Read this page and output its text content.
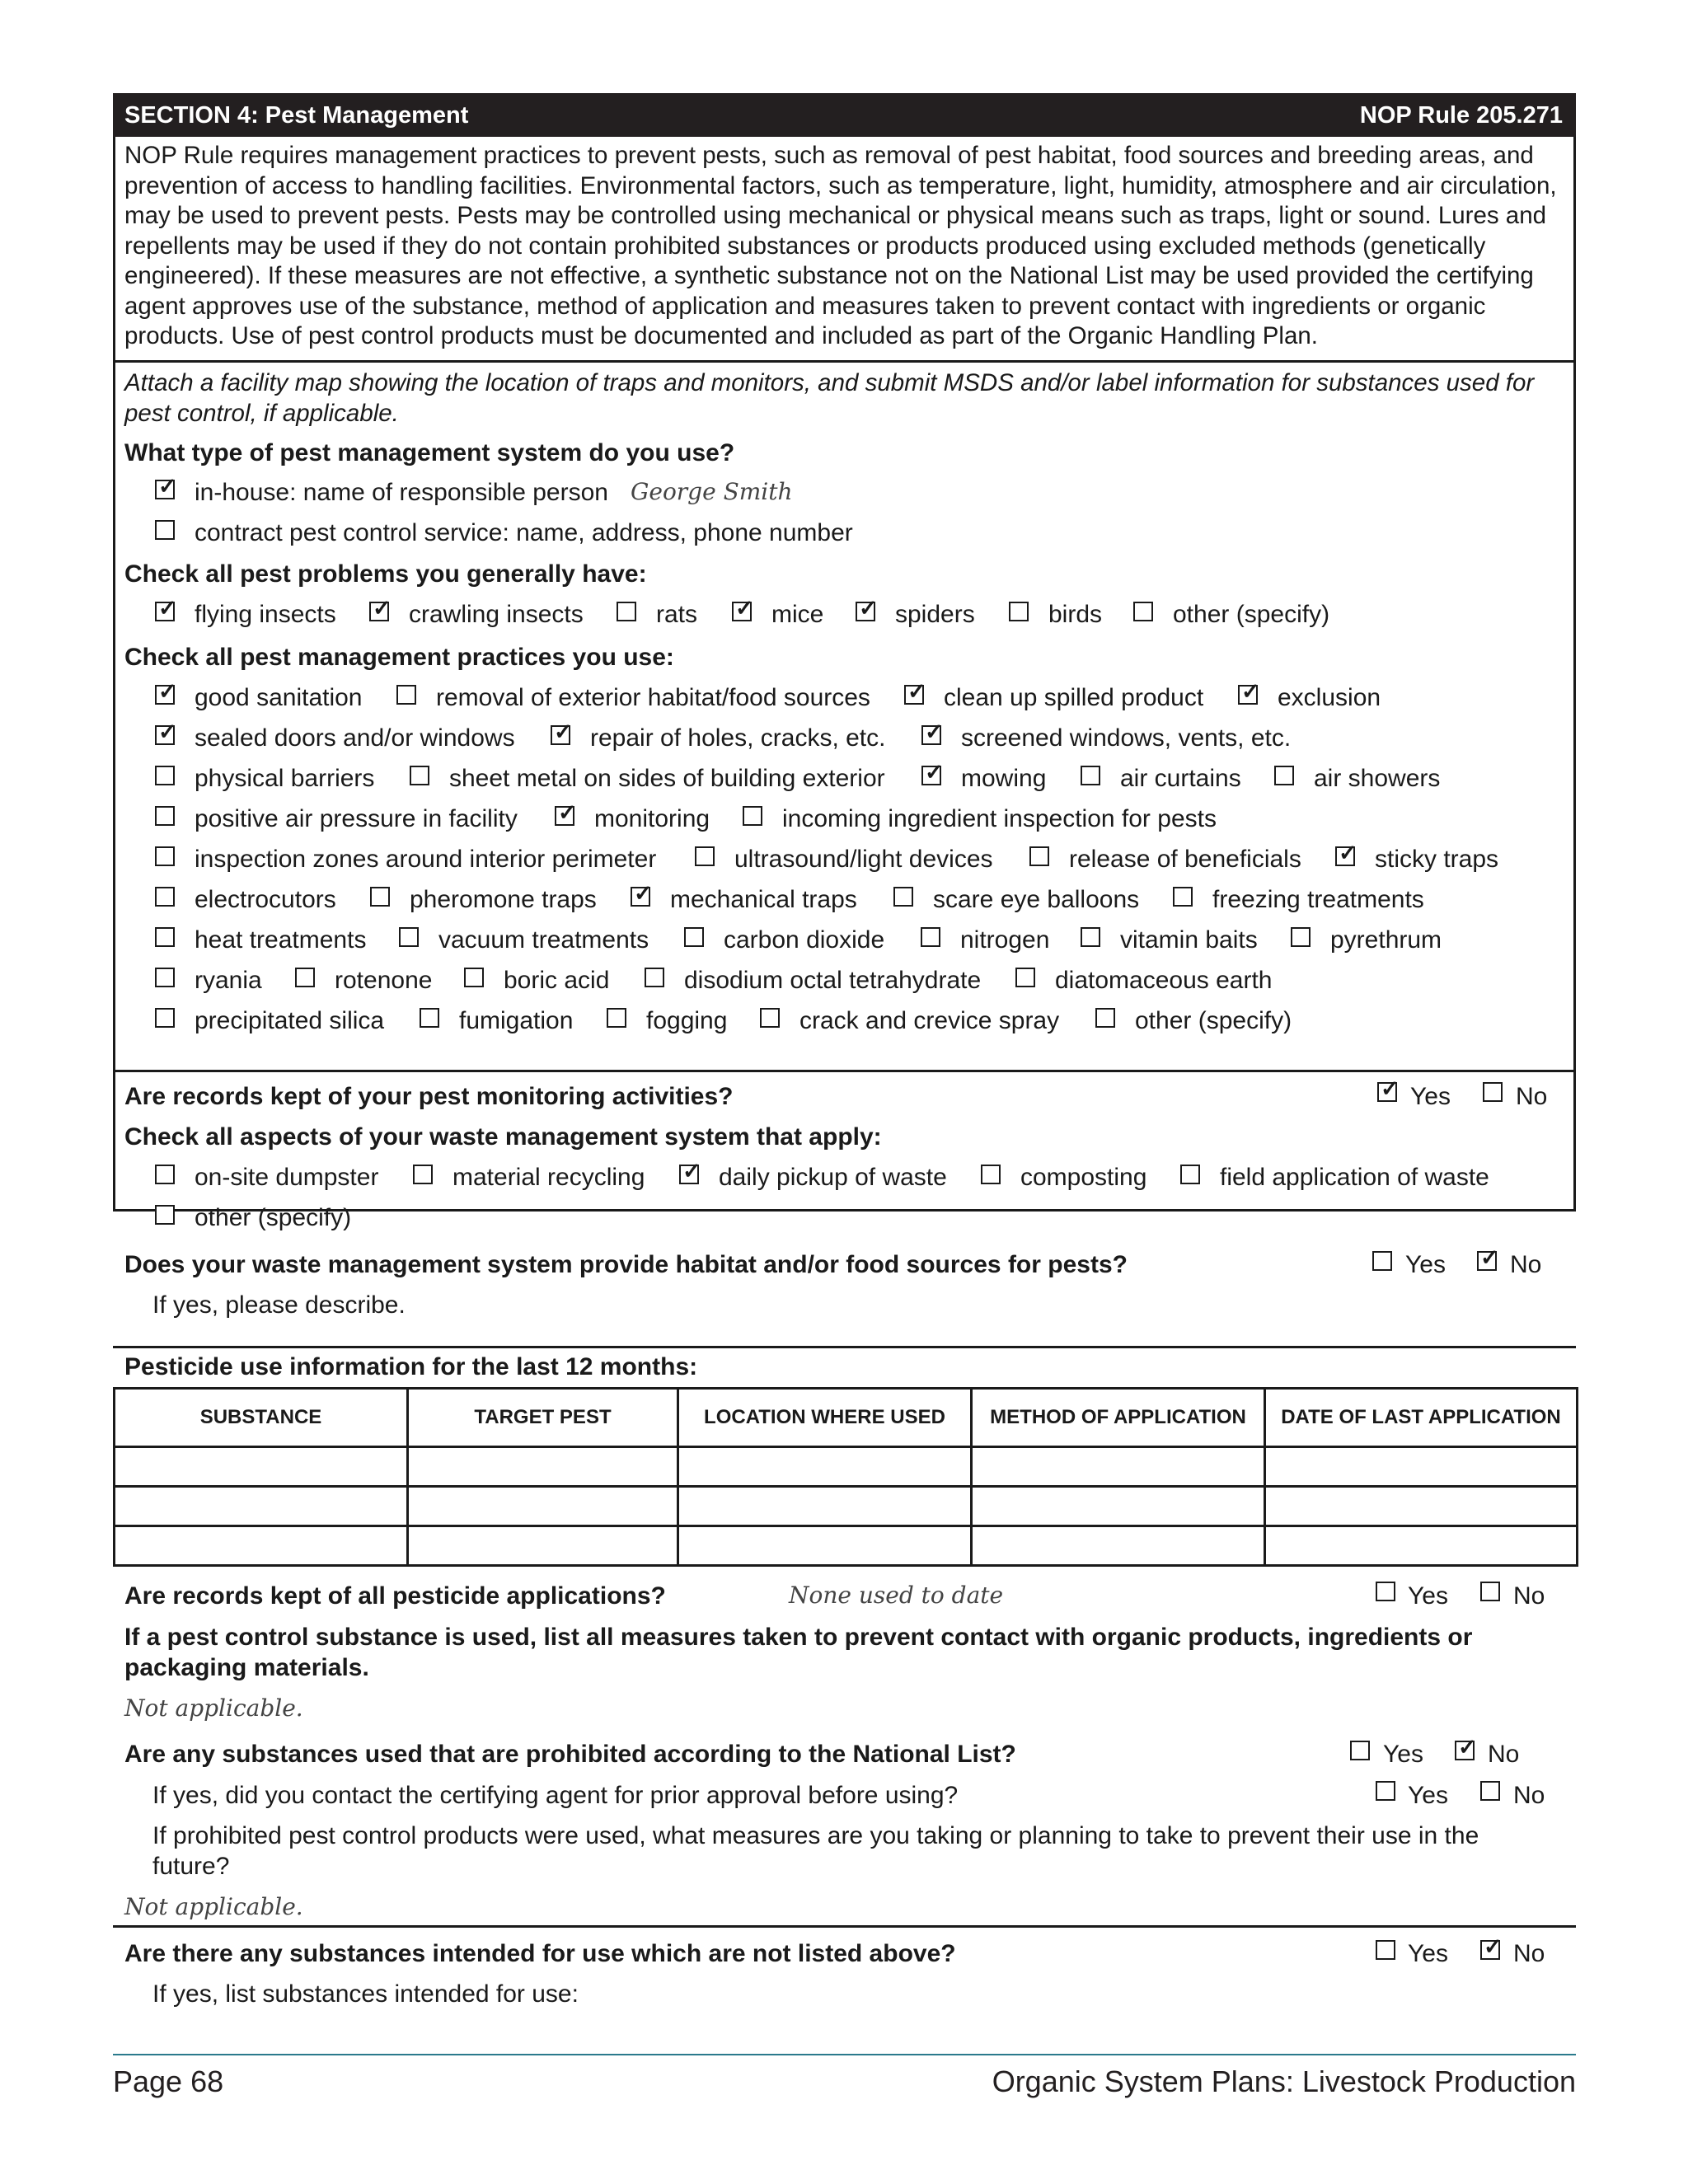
SECTION 4: Pest Management	NOP Rule 205.271
NOP Rule requires management practices to prevent pests, such as removal of pest habitat, food sources and breeding areas, and prevention of access to handling facilities. Environmental factors, such as temperature, light, humidity, atmosphere and air circulation, may be used to prevent pests. Pests may be controlled using mechanical or physical means such as traps, light or sound. Lures and repellents may be used if they do not contain prohibited substances or products produced using excluded methods (genetically engineered). If these measures are not effective, a synthetic substance not on the National List may be used provided the certifying agent approves use of the substance, method of application and measures taken to prevent contact with ingredients or organic products. Use of pest control products must be documented and included as part of the Organic Handling Plan.
Attach a facility map showing the location of traps and monitors, and submit MSDS and/or label information for substances used for pest control, if applicable.
What type of pest management system do you use?
✓ in-house: name of responsible person George Smith
contract pest control service: name, address, phone number
Check all pest problems you generally have:
Check all pest management practices you use:
✓ flying insects ✓ crawling insects	rats ✓ mice ✓ spiders	birds	other (specify)
✓ good sanitation	removal of exterior habitat/food sources ✓ clean up spilled product ✓ exclusion
✓ sealed doors and/or windows ✓ repair of holes, cracks, etc. ✓ screened windows, vents, etc.
physical barriers	sheet metal on sides of building exterior ✓ mowing	air curtains	air showers
positive air pressure in facility ✓ monitoring	incoming ingredient inspection for pests
inspection zones around interior perimeter	ultrasound/light devices	release of beneficials ✓ sticky traps
electrocutors	pheromone traps ✓ mechanical traps	scare eye balloons	freezing treatments
heat treatments	vacuum treatments	carbon dioxide	nitrogen	vitamin baits	pyrethrum
ryania	rotenone	boric acid	disodium octal tetrahydrate	diatomaceous earth
precipitated silica	fumigation	fogging	crack and crevice spray	other (specify)
on-site dumpster	material recycling ✓ daily pickup of waste	composting	field application of waste
other (specify)
Are records kept of your pest monitoring activities?	✓ Yes	No
Check all aspects of your waste management system that apply:
Does your waste management system provide habitat and/or food sources for pests?	Yes ✓ No
If yes, please describe.
Pesticide use information for the last 12 months:
SUBSTANCE	TARGET PEST	LOCATION WHERE USED	METHOD OF APPLICATION	DATE OF LAST APPLICATION

Are records kept of all pesticide applications?	None used to date	Yes	No
If a pest control substance is used, list all measures taken to prevent contact with organic products, ingredients or packaging materials.
Not applicable.
Are any substances used that are prohibited according to the National List?	Yes ✓ No
If yes, did you contact the certifying agent for prior approval before using?	Yes	No
If prohibited pest control products were used, what measures are you taking or planning to take to prevent their use in the future?
Not applicable.
Are there any substances intended for use which are not listed above?	Yes ✓ No
If yes, list substances intended for use:
Page 68	Organic System Plans: Livestock Production
